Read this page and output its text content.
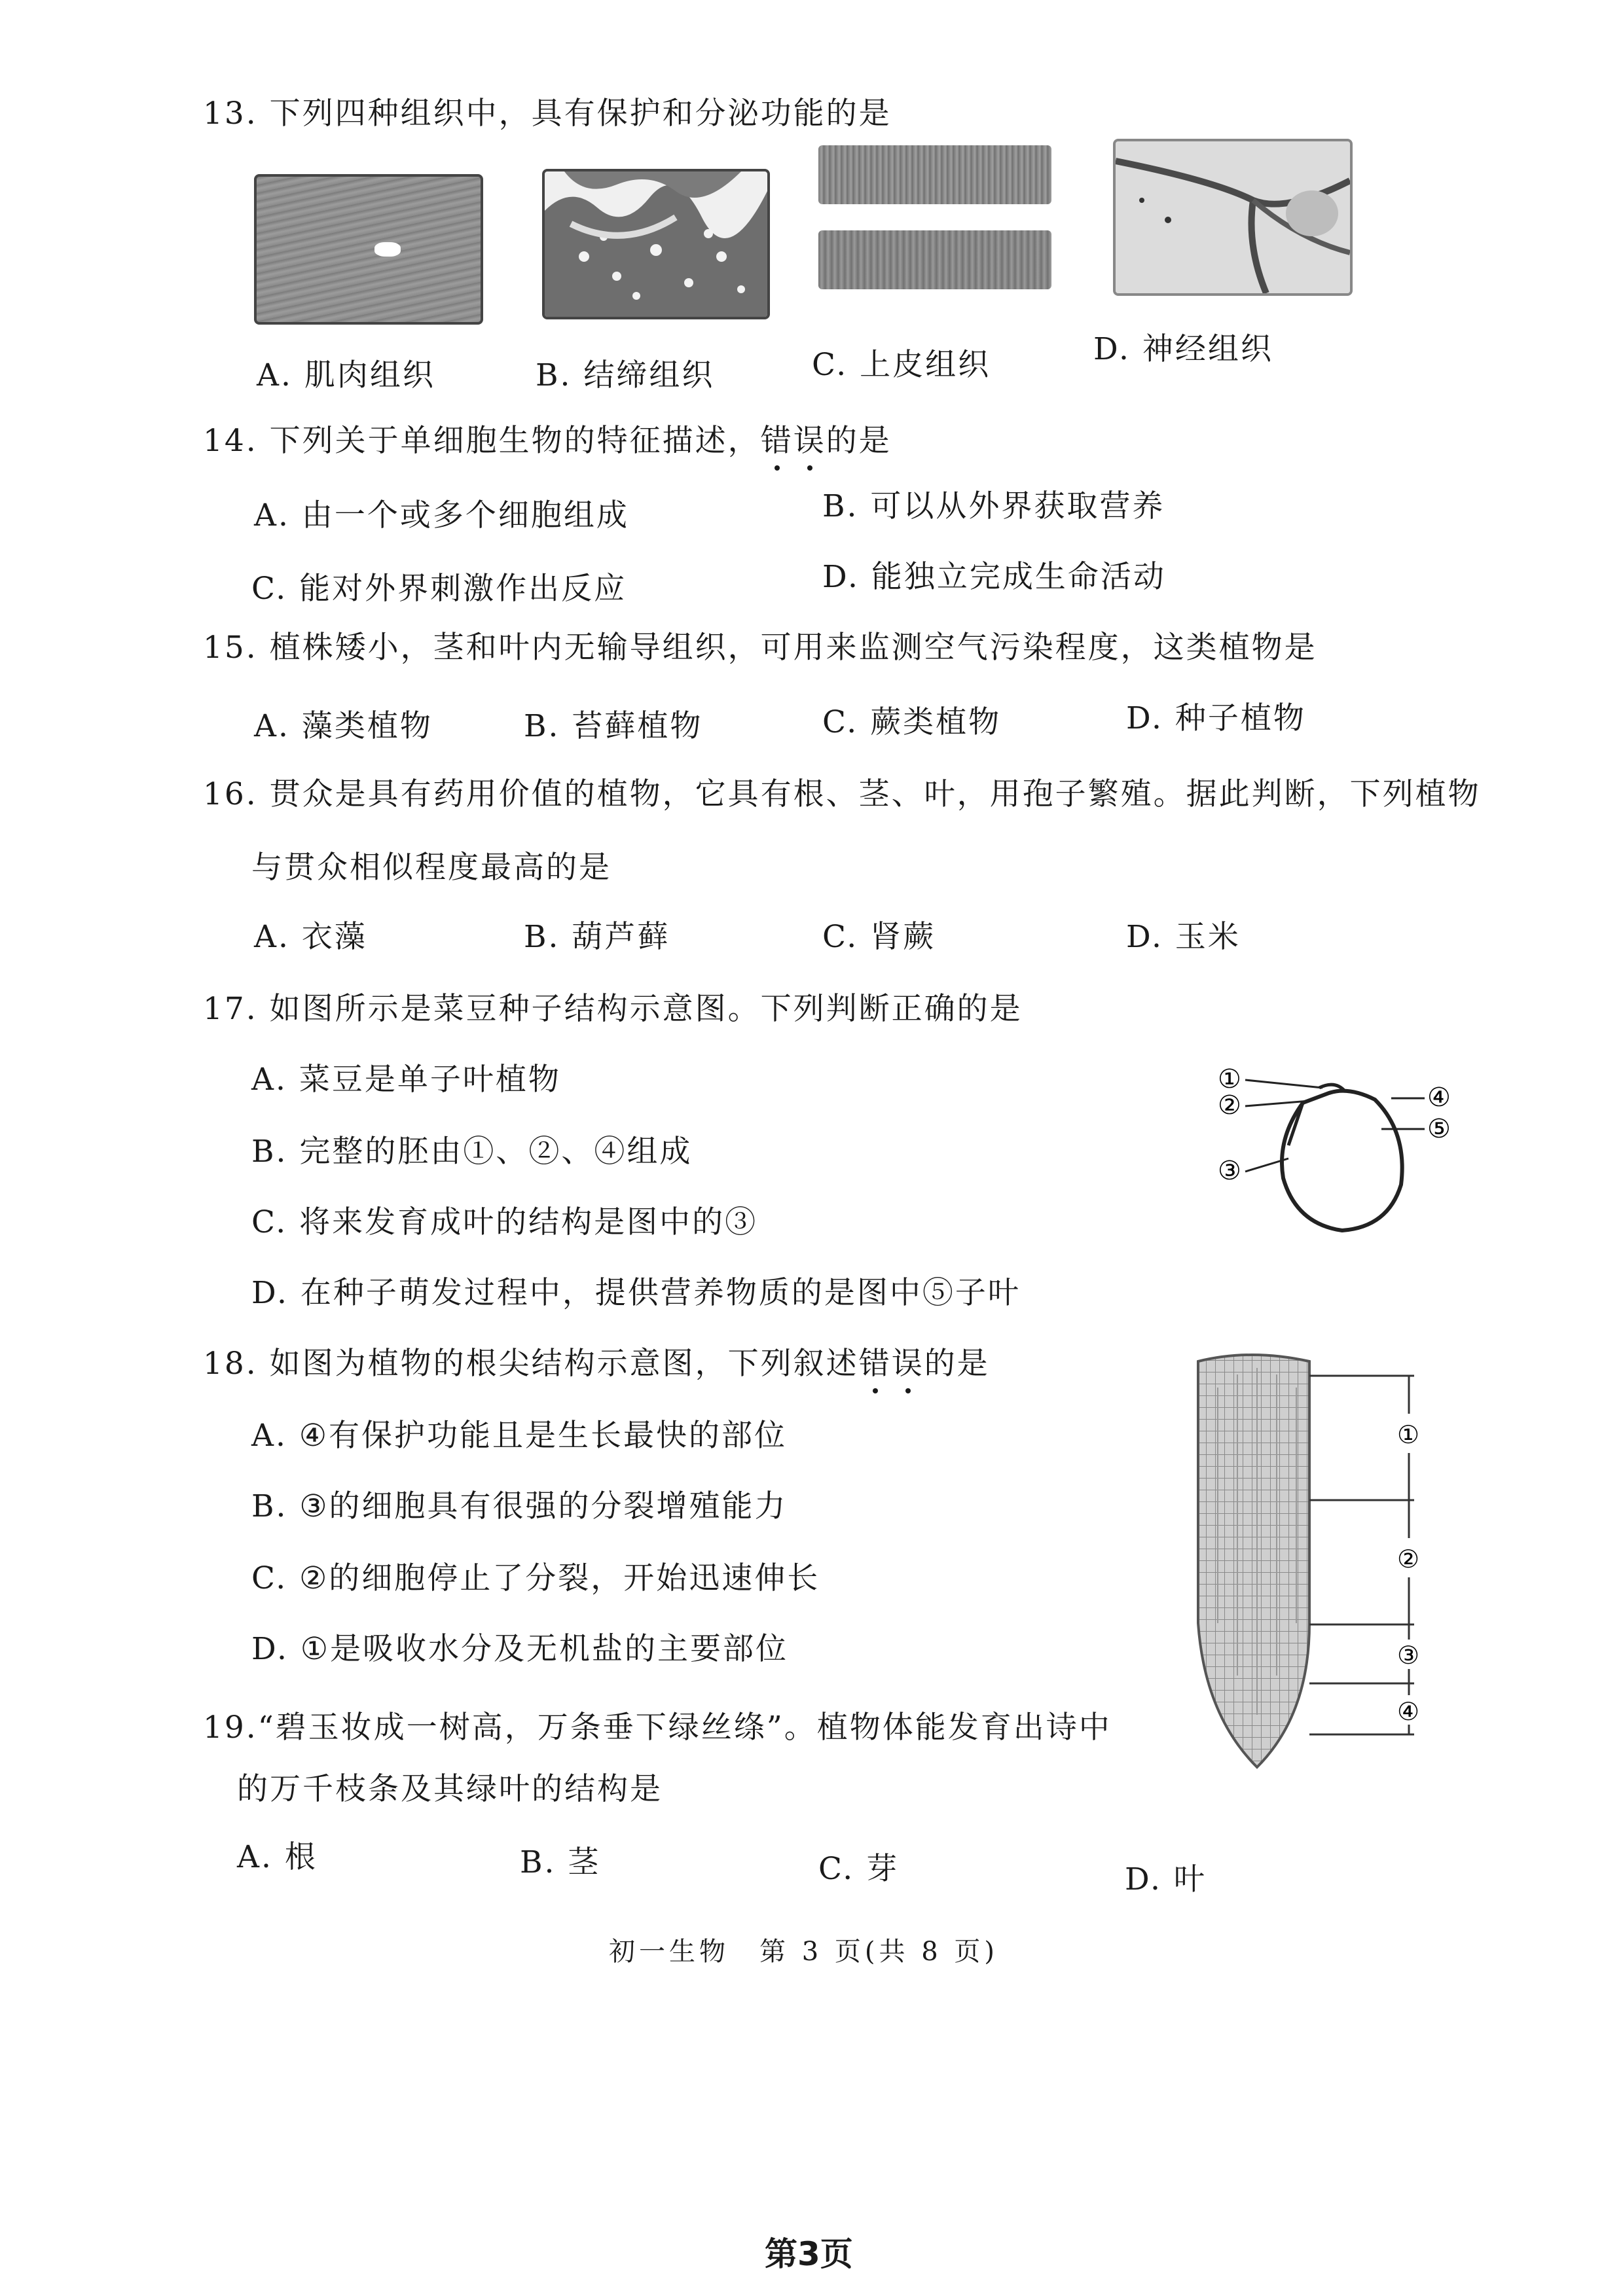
13. 下列四种组织中，具有保护和分泌功能的是
A. 肌肉组织	B. 结缔组织	C. 上皮组织	D. 神经组织
14. 下列关于单细胞生物的特征描述，错误的是
A. 由一个或多个细胞组成	B. 可以从外界获取营养
C. 能对外界刺激作出反应	D. 能独立完成生命活动
15. 植株矮小，茎和叶内无输导组织，可用来监测空气污染程度，这类植物是
A. 藻类植物	B. 苔藓植物	C. 蕨类植物	D. 种子植物
16. 贯众是具有药用价值的植物，它具有根、茎、叶，用孢子繁殖。据此判断，下列植物
与贯众相似程度最高的是
A. 衣藻	B. 葫芦藓	C. 肾蕨	D. 玉米
17. 如图所示是菜豆种子结构示意图。下列判断正确的是
A. 菜豆是单子叶植物
B. 完整的胚由①、②、④组成
C. 将来发育成叶的结构是图中的③
D. 在种子萌发过程中，提供营养物质的是图中⑤子叶
①
②
③
④
⑤
18. 如图为植物的根尖结构示意图，下列叙述错误的是
A. ④有保护功能且是生长最快的部位
B. ③的细胞具有很强的分裂增殖能力
C. ②的细胞停止了分裂，开始迅速伸长
D. ①是吸收水分及无机盐的主要部位
①
②
③
④
19.“碧玉妆成一树高，万条垂下绿丝绦”。植物体能发育出诗中
的万千枝条及其绿叶的结构是
A. 根	B. 茎	C. 芽	D. 叶
初一生物　第 3 页(共 8 页)
第3页
